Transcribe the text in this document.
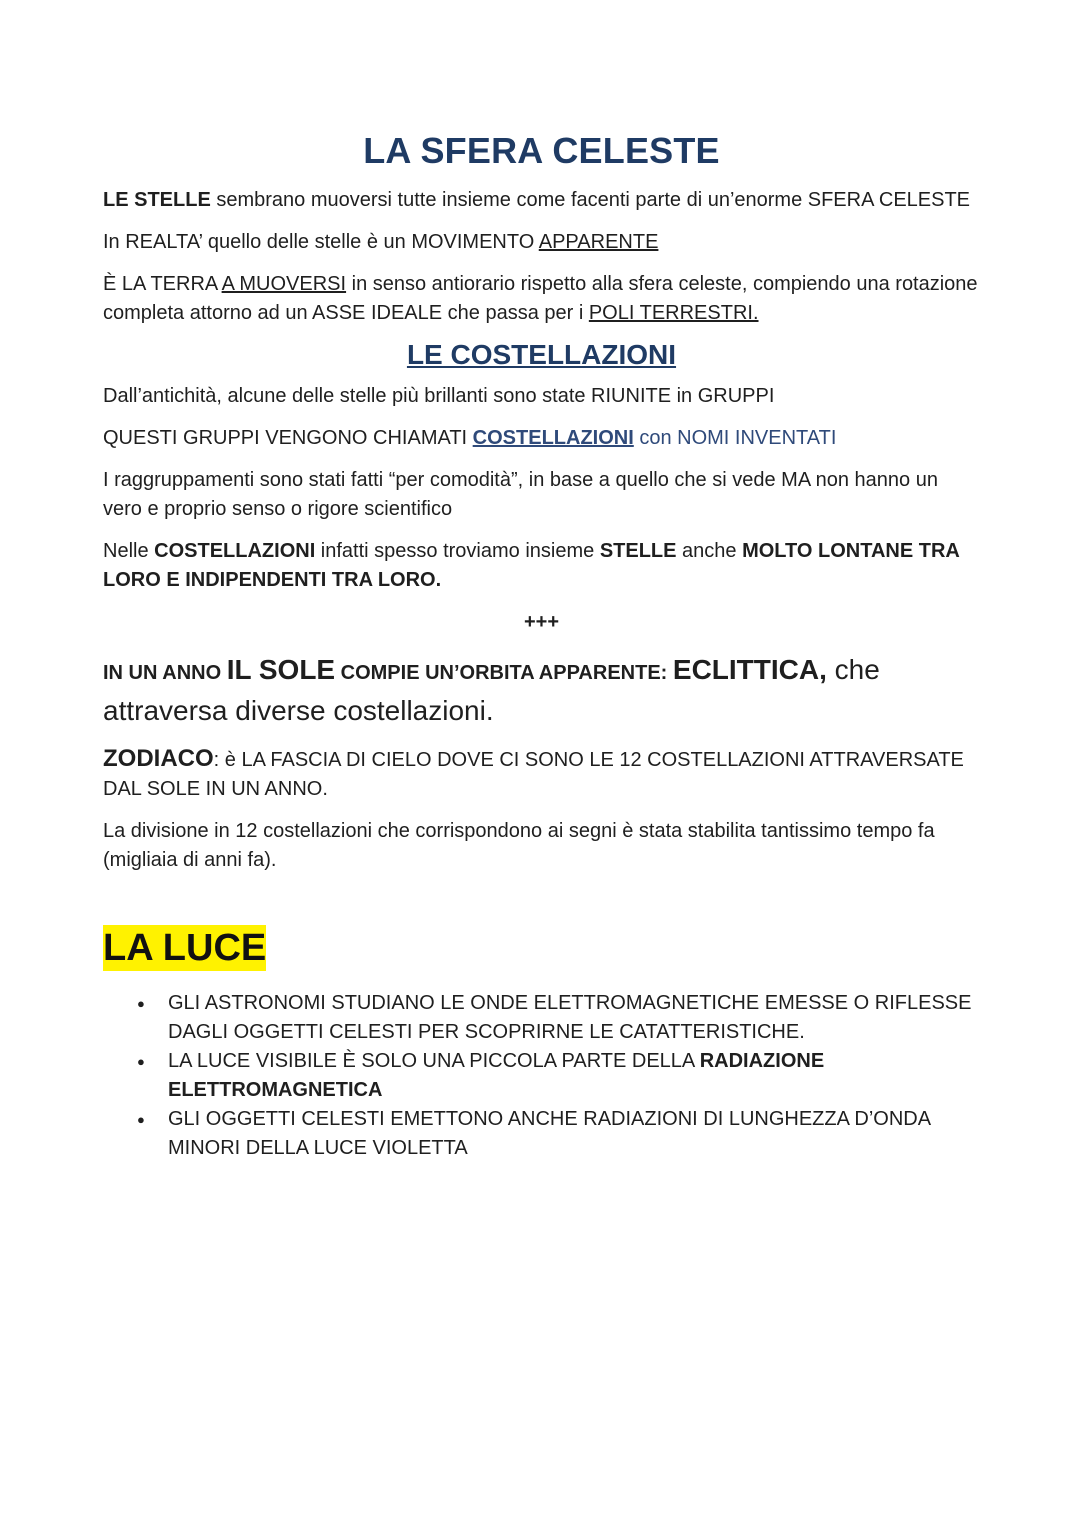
LA SFERA CELESTE

LE STELLE sembrano muoversi tutte insieme come facenti parte di un’enorme SFERA CELESTE

In REALTA’ quello delle stelle è un MOVIMENTO APPARENTE

È LA TERRA A MUOVERSI in senso antiorario rispetto alla sfera celeste, compiendo una rotazione completa attorno ad un ASSE IDEALE che passa per i POLI TERRESTRI.

LE COSTELLAZIONI

Dall’antichità, alcune delle stelle più brillanti sono state RIUNITE in GRUPPI

QUESTI GRUPPI VENGONO CHIAMATI COSTELLAZIONI con NOMI INVENTATI

I raggruppamenti sono stati fatti “per comodità”, in base a quello che si vede MA non hanno un vero e proprio senso o rigore scientifico

Nelle COSTELLAZIONI infatti spesso troviamo insieme STELLE anche MOLTO LONTANE TRA LORO E INDIPENDENTI TRA LORO.

+++

IN UN ANNO IL SOLE COMPIE UN’ORBITA APPARENTE: ECLITTICA, che attraversa diverse costellazioni.

ZODIACO: è LA FASCIA DI CIELO DOVE CI SONO LE 12 COSTELLAZIONI ATTRAVERSATE DAL SOLE IN UN ANNO.

La divisione in 12 costellazioni che corrispondono ai segni è stata stabilita tantissimo tempo fa (migliaia di anni fa).

LA LUCE
● GLI ASTRONOMI STUDIANO LE ONDE ELETTROMAGNETICHE EMESSE O RIFLESSE DAGLI OGGETTI CELESTI PER SCOPRIRNE LE CATATTERISTICHE.
● LA LUCE VISIBILE È SOLO UNA PICCOLA PARTE DELLA RADIAZIONE ELETTROMAGNETICA
● GLI OGGETTI CELESTI EMETTONO ANCHE RADIAZIONI DI LUNGHEZZA D’ONDA MINORI DELLA LUCE VIOLETTA
